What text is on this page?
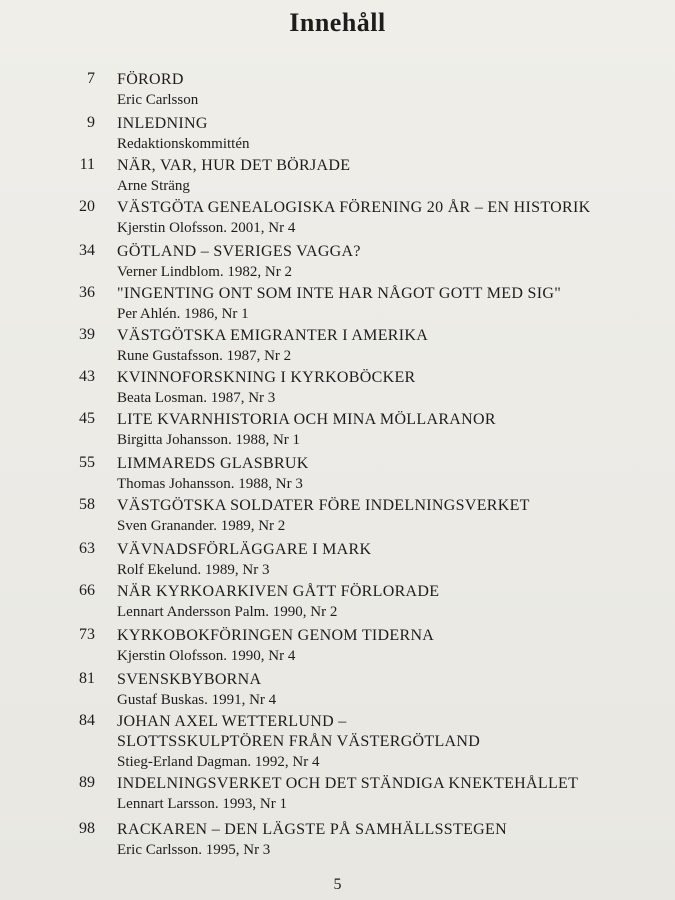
Innehåll
7 FÖRORD
Eric Carlsson
9 INLEDNING
Redaktionskommittén
11 NÄR, VAR, HUR DET BÖRJADE
Arne Sträng
20 VÄSTGÖTA GENEALOGISKA FÖRENING 20 ÅR – EN HISTORIK
Kjerstin Olofsson. 2001, Nr 4
34 GÖTLAND – SVERIGES VAGGA?
Verner Lindblom. 1982, Nr 2
36 "INGENTING ONT SOM INTE HAR NÅGOT GOTT MED SIG"
Per Ahlén. 1986, Nr 1
39 VÄSTGÖTSKA EMIGRANTER I AMERIKA
Rune Gustafsson. 1987, Nr 2
43 KVINNOFORSKNING I KYRKOBÖCKER
Beata Losman. 1987, Nr 3
45 LITE KVARNHISTORIA OCH MINA MÖLLARANOR
Birgitta Johansson. 1988, Nr 1
55 LIMMAREDS GLASBRUK
Thomas Johansson. 1988, Nr 3
58 VÄSTGÖTSKA SOLDATER FÖRE INDELNINGSVERKET
Sven Granander. 1989, Nr 2
63 VÄVNADSFÖRLÄGGARE I MARK
Rolf Ekelund. 1989, Nr 3
66 NÄR KYRKOARKIVEN GÅTT FÖRLORADE
Lennart Andersson Palm. 1990, Nr 2
73 KYRKOBOKFÖRINGEN GENOM TIDERNA
Kjerstin Olofsson. 1990, Nr 4
81 SVENSKBYBORNA
Gustaf Buskas. 1991, Nr 4
84 JOHAN AXEL WETTERLUND –
SLOTTSSKULPTÖREN FRÅN VÄSTERGÖTLAND
Stieg-Erland Dagman. 1992, Nr 4
89 INDELNINGSVERKET OCH DET STÄNDIGA KNEKTEHÅLLET
Lennart Larsson. 1993, Nr 1
98 RACKAREN – DEN LÄGSTE PÅ SAMHÄLLSSTEGEN
Eric Carlsson. 1995, Nr 3
5
